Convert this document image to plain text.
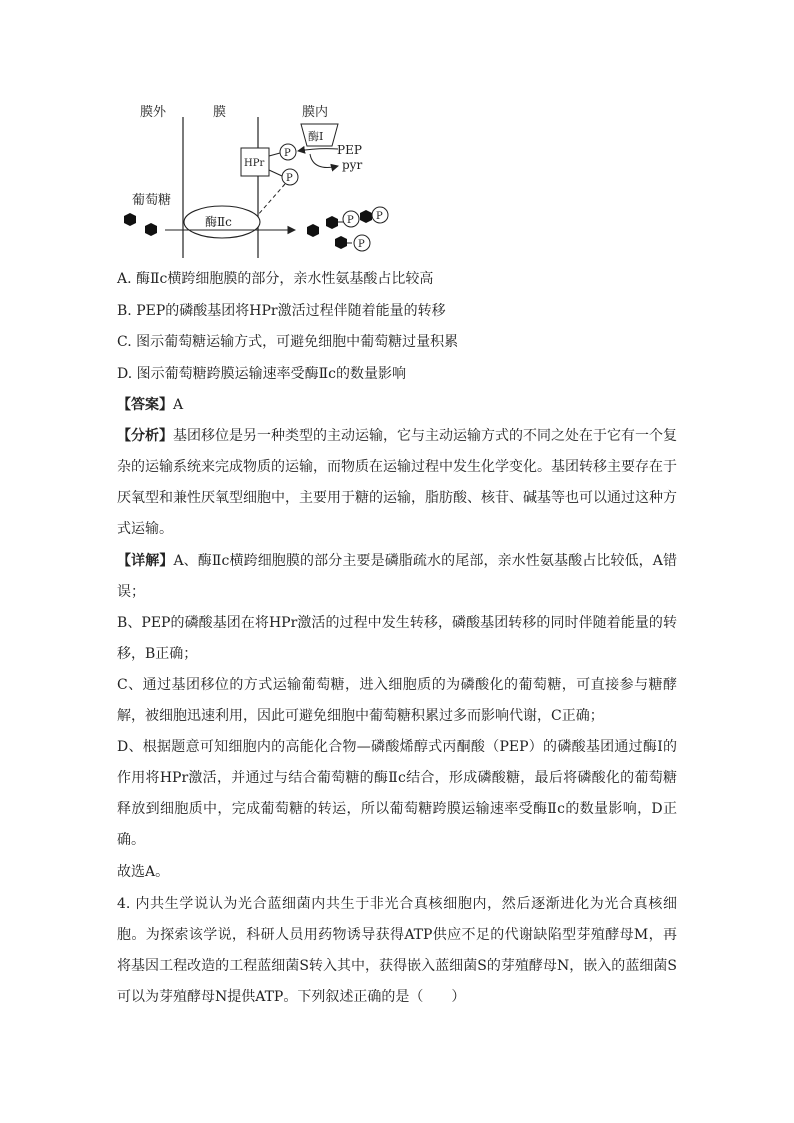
膜外	膜	膜内
酶Ⅰ
HPr
P
P
PEP
pyr
葡萄糖
酶Ⅱc	P P
P
A. 酶Ⅱc横跨细胞膜的部分，亲水性氨基酸占比较高
B. PEP的磷酸基团将HPr激活过程伴随着能量的转移
C. 图示葡萄糖运输方式，可避免细胞中葡萄糖过量积累
D. 图示葡萄糖跨膜运输速率受酶Ⅱc的数量影响
【答案】A
【分析】基团移位是另一种类型的主动运输，它与主动运输方式的不同之处在于它有一个复杂的运输系统来完成物质的运输，而物质在运输过程中发生化学变化。基团转移主要存在于厌氧型和兼性厌氧型细胞中，主要用于糖的运输，脂肪酸、核苷、碱基等也可以通过这种方式运输。
【详解】A、酶Ⅱc横跨细胞膜的部分主要是磷脂疏水的尾部，亲水性氨基酸占比较低，A错误；
B、PEP的磷酸基团在将HPr激活的过程中发生转移，磷酸基团转移的同时伴随着能量的转移，B正确；
C、通过基团移位的方式运输葡萄糖，进入细胞质的为磷酸化的葡萄糖，可直接参与糖酵解，被细胞迅速利用，因此可避免细胞中葡萄糖积累过多而影响代谢，C正确；
D、根据题意可知细胞内的高能化合物—磷酸烯醇式丙酮酸（PEP）的磷酸基团通过酶Ⅰ的作用将HPr激活，并通过与结合葡萄糖的酶Ⅱc结合，形成磷酸糖，最后将磷酸化的葡萄糖释放到细胞质中，完成葡萄糖的转运，所以葡萄糖跨膜运输速率受酶Ⅱc的数量影响，D正确。
故选A。
4. 内共生学说认为光合蓝细菌内共生于非光合真核细胞内，然后逐渐进化为光合真核细胞。为探索该学说，科研人员用药物诱导获得ATP供应不足的代谢缺陷型芽殖酵母M，再将基因工程改造的工程蓝细菌S转入其中，获得嵌入蓝细菌S的芽殖酵母N，嵌入的蓝细菌S可以为芽殖酵母N提供ATP。下列叙述正确的是（　　）
